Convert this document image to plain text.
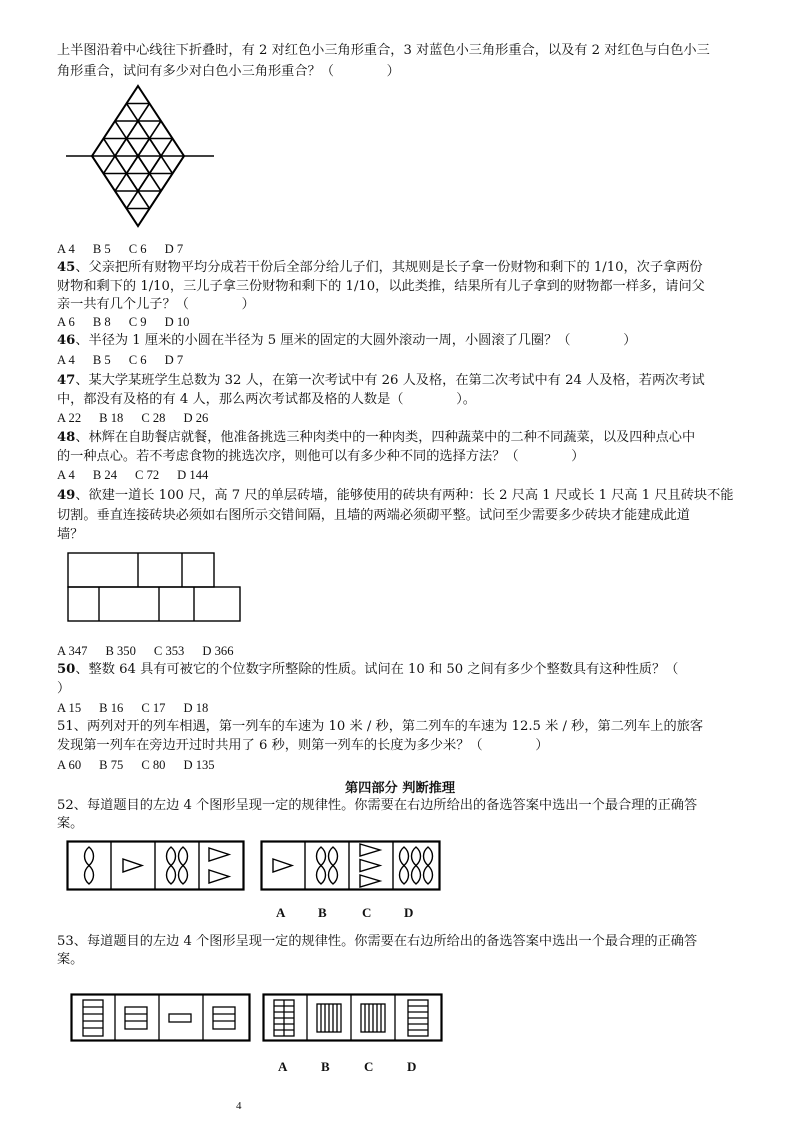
上半图沿着中心线往下折叠时，有 2 对红色小三角形重合，3 对蓝色小三角形重合，以及有 2 对红色与白色小三
角形重合，试问有多少对白色小三角形重合？（　　　　）
A 4 B 5 C 6 D 7
45、父亲把所有财物平均分成若干份后全部分给儿子们，其规则是长子拿一份财物和剩下的 1/10，次子拿两份
财物和剩下的 1/10，三儿子拿三份财物和剩下的 1/10，以此类推，结果所有儿子拿到的财物都一样多，请问父
亲一共有几个儿子？（　　　　）
A 6 B 8 C 9 D 10
46、半径为 1 厘米的小圆在半径为 5 厘米的固定的大圆外滚动一周，小圆滚了几圈？（　　　　）
A 4 B 5 C 6 D 7
47、某大学某班学生总数为 32 人，在第一次考试中有 26 人及格，在第二次考试中有 24 人及格，若两次考试
中，都没有及格的有 4 人，那么两次考试都及格的人数是（　　　　）。
A 22 B 18 C 28 D 26
48、林辉在自助餐店就餐，他准备挑选三种肉类中的一种肉类，四种蔬菜中的二种不同蔬菜，以及四种点心中
的一种点心。若不考虑食物的挑选次序，则他可以有多少种不同的选择方法？（　　　　）
A 4 B 24 C 72 D 144
49、欲建一道长 100 尺，高 7 尺的单层砖墙，能够使用的砖块有两种：长 2 尺高 1 尺或长 1 尺高 1 尺且砖块不能
切割。垂直连接砖块必须如右图所示交错间隔，且墙的两端必须砌平整。试问至少需要多少砖块才能建成此道
墙？
A 347 B 350 C 353 D 366
50、整数 64 具有可被它的个位数字所整除的性质。试问在 10 和 50 之间有多少个整数具有这种性质？（
）
A 15 B 16 C 17 D 18
51、两列对开的列车相遇，第一列车的车速为 10 米 / 秒，第二列车的车速为 12.5 米 / 秒，第二列车上的旅客
发现第一列车在旁边开过时共用了 6 秒，则第一列车的长度为多少米？（　　　　）
A 60 B 75 C 80 D 135
第四部分 判断推理
52、每道题目的左边 4 个图形呈现一定的规律性。你需要在右边所给出的备选答案中选出一个最合理的正确答
案。
A	B	C	D
53、每道题目的左边 4 个图形呈现一定的规律性。你需要在右边所给出的备选答案中选出一个最合理的正确答
案。
A	B	C	D
4
